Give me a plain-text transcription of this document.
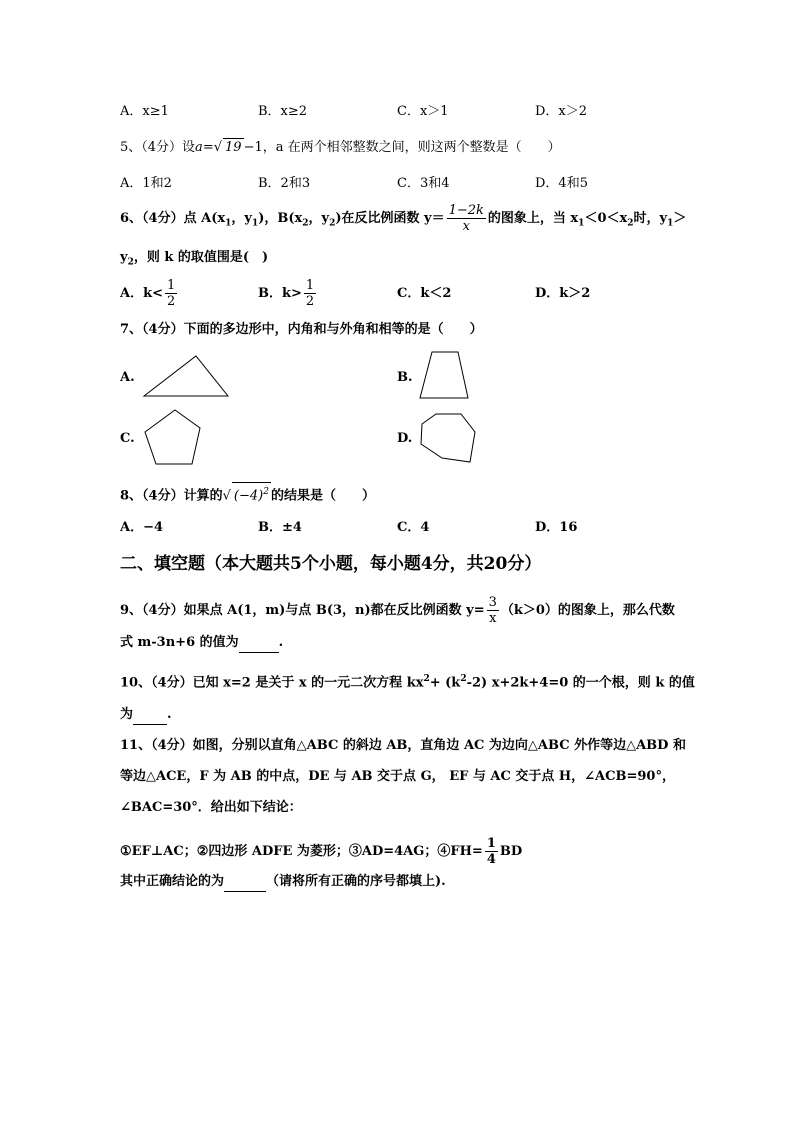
A．x≥1	B．x≥2	C．x＞1	D．x＞2
5、（4分）设a=√ 19 −1，a 在两个相邻整数之间，则这两个整数是（　　）
A．1和2	B．2和3	C．3和4	D．4和5
6、（4分）点 $A(x_1$，$y_1$)，$B(x_2$，$y_2$)在反比例函数 $y= \frac{1-2k}{x}$ 的图象上，当 $x_1<0<x_2$时，$y_1>$
$y_2$，则 k 的取值围是(　)
A．$k< \frac{1}{2}$	B．$k> \frac{1}{2}$	C．k＜2	D．k＞2
7、（4分）下面的多边形中，内角和与外角和相等的是（　　）
A.	B.
C.	D.
8、（4分）计算的√ $(-4)^2$ 的结果是（　　）
A．−4	B．±4	C．4	D．16
二、填空题（本大题共5个小题，每小题4分，共20分）
9、（4分）如果点 A(1，m)与点 B(3，n)都在反比例函数 $y= \frac{3}{x} (k>0)$的图象上，那么代数
式 m-3n+6 的值为	.
10、（4分）已知 x=2 是关于 x 的一元二次方程 $kx^2+ (k^2-2)$ x+2k+4=0 的一个根，则 k 的值
为	.
11、（4分）如图，分别以直角△ABC 的斜边 AB，直角边 AC 为边向△ABC 外作等边△ABD 和
等边△ACE，F 为 AB 的中点，DE 与 AB 交于点 G， EF 与 AC 交于点 H，∠ACB=90°，
∠BAC=30°．给出如下结论：
①EF⊥AC；②四边形 ADFE 为菱形；③AD=4AG；④FH= $\frac{1}{4}$ BD
其中正确结论的为	（请将所有正确的序号都填上).
